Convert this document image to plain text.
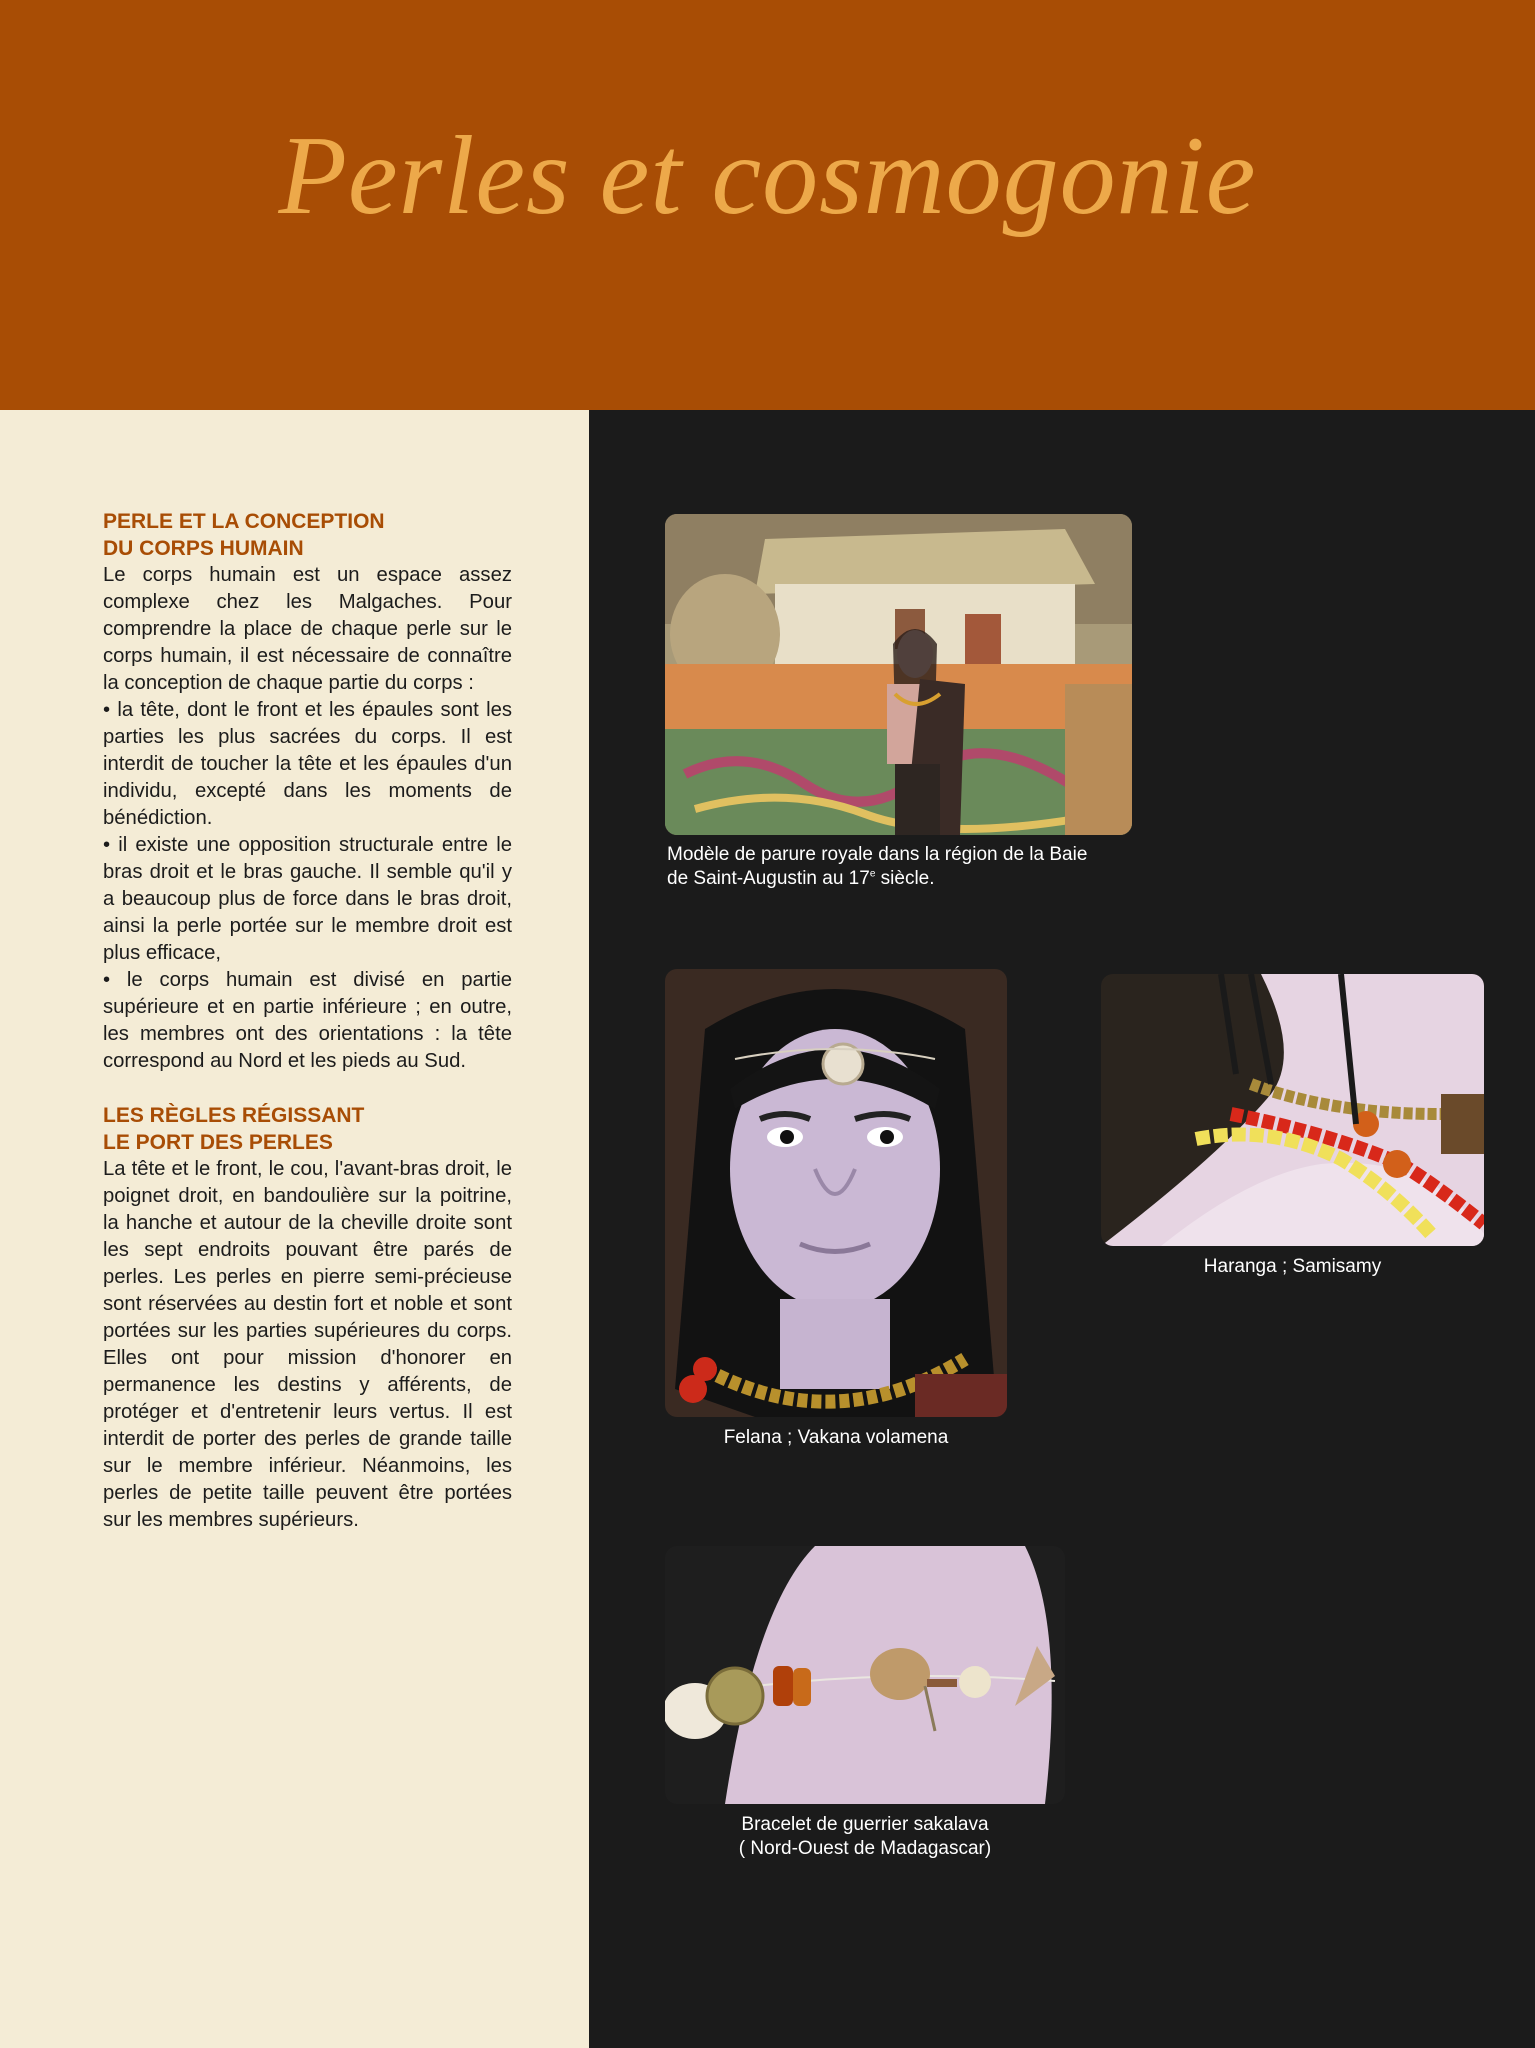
Perles et cosmogonie
PERLE ET LA CONCEPTION
DU CORPS HUMAIN

Le corps humain est un espace assez complexe chez les Malgaches. Pour comprendre la place de chaque perle sur le corps humain, il est nécessaire de connaître la conception de chaque partie du corps :

• la tête, dont le front et les épaules sont les parties les plus sacrées du corps. Il est interdit de toucher la tête et les épaules d'un individu, excepté dans les moments de bénédiction.

• il existe une opposition structurale entre le bras droit et le bras gauche. Il semble qu'il y a beaucoup plus de force dans le bras droit, ainsi la perle portée sur le membre droit est plus efficace,

• le corps humain est divisé en partie supérieure et en partie inférieure ; en outre, les membres ont des orientations : la tête correspond au Nord et les pieds au Sud.

LES RÈGLES RÉGISSANT
LE PORT DES PERLES

La tête et le front, le cou, l'avant-bras droit, le poignet droit, en bandoulière sur la poitrine, la hanche et autour de la cheville droite sont les sept endroits pouvant être parés de perles. Les perles en pierre semi-précieuse sont réservées au destin fort et noble et sont portées sur les parties supérieures du corps. Elles ont pour mission d'honorer en permanence les destins y afférents, de protéger et d'entretenir leurs vertus. Il est interdit de porter des perles de grande taille sur le membre inférieur. Néanmoins, les perles de petite taille peuvent être portées sur les membres supérieurs.

Modèle de parure royale dans la région de la Baie
de Saint-Augustin au 17e siècle.
Felana ; Vakana volamena
Haranga ; Samisamy
Bracelet de guerrier sakalava
( Nord-Ouest de Madagascar)
